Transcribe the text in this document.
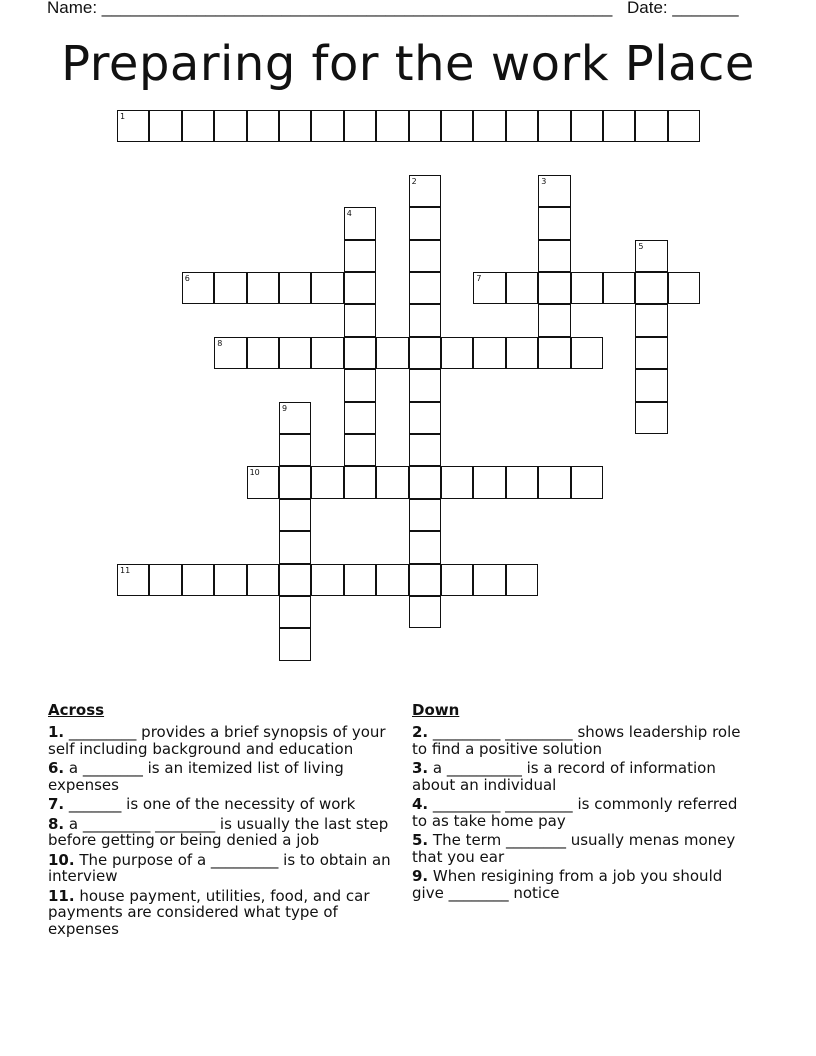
Name: ______________________________________________________ Date: _______
Preparing for the work Place
1
2	3
4
5
6	7
8
9
10
11
Across
1. _________ provides a brief synopsis of your self including background and education
6. a ________ is an itemized list of living expenses
7. _______ is one of the necessity of work
8. a _________ ________ is usually the last step before getting or being denied a job
10. The purpose of a _________ is to obtain an interview
11. house payment, utilities, food, and car payments are considered what type of expenses
Down
2. _________ _________ shows leadership role to find a positive solution
3. a __________ is a record of information about an individual
4. _________ _________ is commonly referred to as take home pay
5. The term ________ usually menas money that you ear
9. When resigining from a job you should give ________ notice
